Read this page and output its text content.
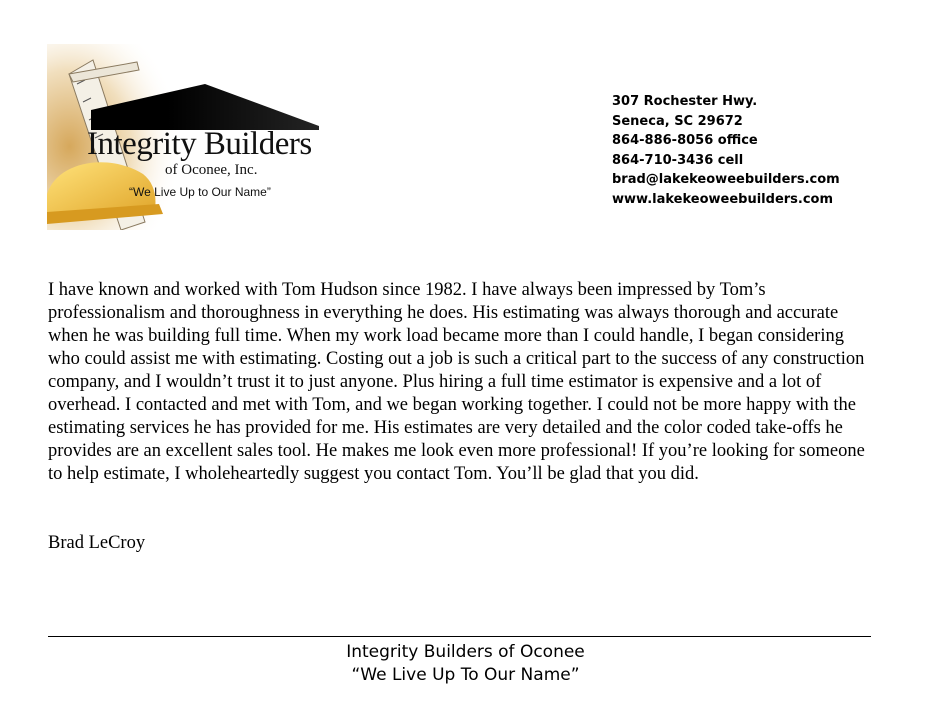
Integrity Builders
of Oconee, Inc.
“We Live Up to Our Name”
307 Rochester Hwy.
Seneca, SC 29672
864-886-8056 office
864-710-3436 cell
brad@lakekeoweebuilders.com
www.lakekeoweebuilders.com

I have known and worked with Tom Hudson since 1982. I have always been impressed by Tom’s professionalism and thoroughness in everything he does. His estimating was always thorough and accurate when he was building full time. When my work load became more than I could handle, I began considering who could assist me with estimating. Costing out a job is such a critical part to the success of any construction company, and I wouldn’t trust it to just anyone. Plus hiring a full time estimator is expensive and a lot of overhead. I contacted and met with Tom, and we began working together. I could not be more happy with the estimating services he has provided for me. His estimates are very detailed and the color coded take-offs he provides are an excellent sales tool. He makes me look even more professional! If you’re looking for someone to help estimate, I wholeheartedly suggest you contact Tom. You’ll be glad that you did.

Brad LeCroy
Integrity Builders of Oconee
“We Live Up To Our Name”
